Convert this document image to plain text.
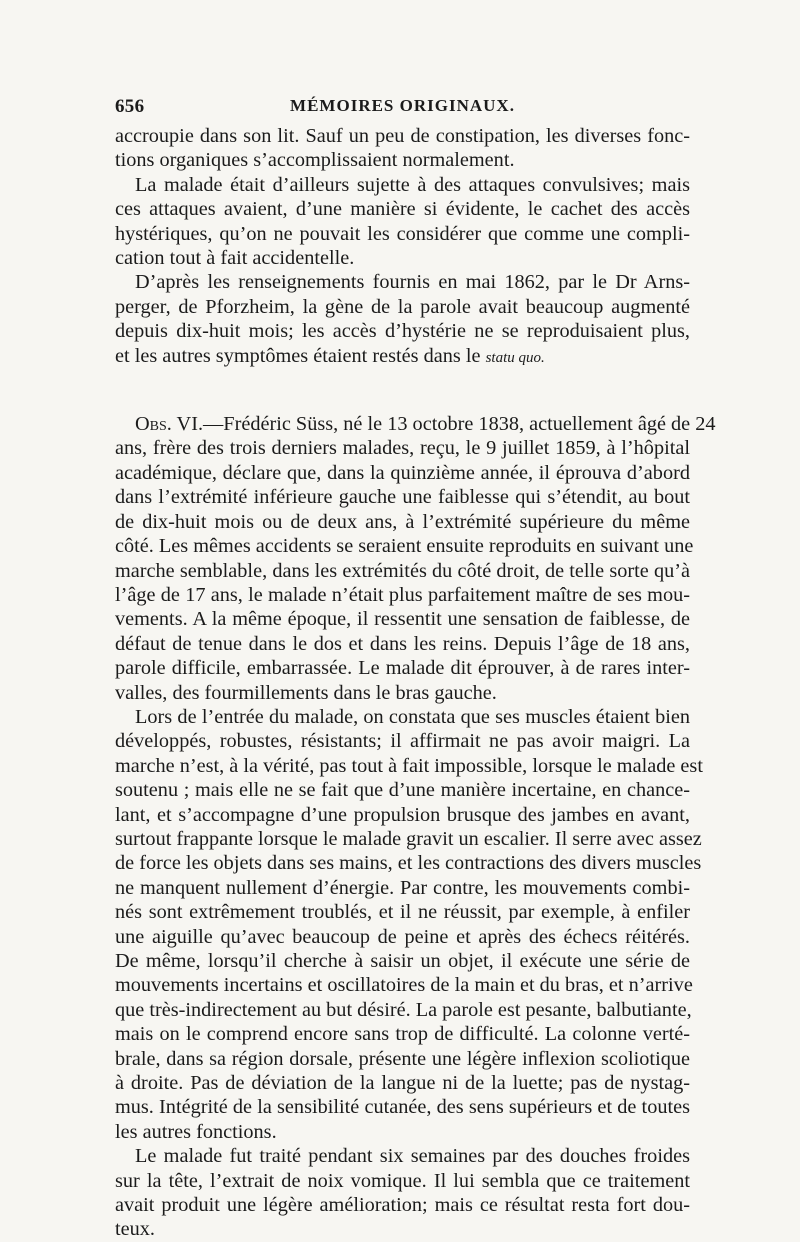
656	MÉMOIRES ORIGINAUX.
accroupie dans son lit. Sauf un peu de constipation, les diverses fonc-
tions organiques s’accomplissaient normalement.
La malade était d’ailleurs sujette à des attaques convulsives; mais
ces attaques avaient, d’une manière si évidente, le cachet des accès
hystériques, qu’on ne pouvait les considérer que comme une compli-
cation tout à fait accidentelle.
D’après les renseignements fournis en mai 1862, par le Dr Arns-
perger, de Pforzheim, la gène de la parole avait beaucoup augmenté
depuis dix-huit mois; les accès d’hystérie ne se reproduisaient plus,
et les autres symptômes étaient restés dans le statu quo.
Obs. VI.—Frédéric Süss, né le 13 octobre 1838, actuellement âgé de 24
ans, frère des trois derniers malades, reçu, le 9 juillet 1859, à l’hôpital
académique, déclare que, dans la quinzième année, il éprouva d’abord
dans l’extrémité inférieure gauche une faiblesse qui s’étendit, au bout
de dix-huit mois ou de deux ans, à l’extrémité supérieure du même
côté. Les mêmes accidents se seraient ensuite reproduits en suivant une
marche semblable, dans les extrémités du côté droit, de telle sorte qu’à
l’âge de 17 ans, le malade n’était plus parfaitement maître de ses mou-
vements. A la même époque, il ressentit une sensation de faiblesse, de
défaut de tenue dans le dos et dans les reins. Depuis l’âge de 18 ans,
parole difficile, embarrassée. Le malade dit éprouver, à de rares inter-
valles, des fourmillements dans le bras gauche.
Lors de l’entrée du malade, on constata que ses muscles étaient bien
développés, robustes, résistants; il affirmait ne pas avoir maigri. La
marche n’est, à la vérité, pas tout à fait impossible, lorsque le malade est
soutenu ; mais elle ne se fait que d’une manière incertaine, en chance-
lant, et s’accompagne d’une propulsion brusque des jambes en avant,
surtout frappante lorsque le malade gravit un escalier. Il serre avec assez
de force les objets dans ses mains, et les contractions des divers muscles
ne manquent nullement d’énergie. Par contre, les mouvements combi-
nés sont extrêmement troublés, et il ne réussit, par exemple, à enfiler
une aiguille qu’avec beaucoup de peine et après des échecs réitérés.
De même, lorsqu’il cherche à saisir un objet, il exécute une série de
mouvements incertains et oscillatoires de la main et du bras, et n’arrive
que très-indirectement au but désiré. La parole est pesante, balbutiante,
mais on le comprend encore sans trop de difficulté. La colonne verté-
brale, dans sa région dorsale, présente une légère inflexion scoliotique
à droite. Pas de déviation de la langue ni de la luette; pas de nystag-
mus. Intégrité de la sensibilité cutanée, des sens supérieurs et de toutes
les autres fonctions.
Le malade fut traité pendant six semaines par des douches froides
sur la tête, l’extrait de noix vomique. Il lui sembla que ce traitement
avait produit une légère amélioration; mais ce résultat resta fort dou-
teux.
